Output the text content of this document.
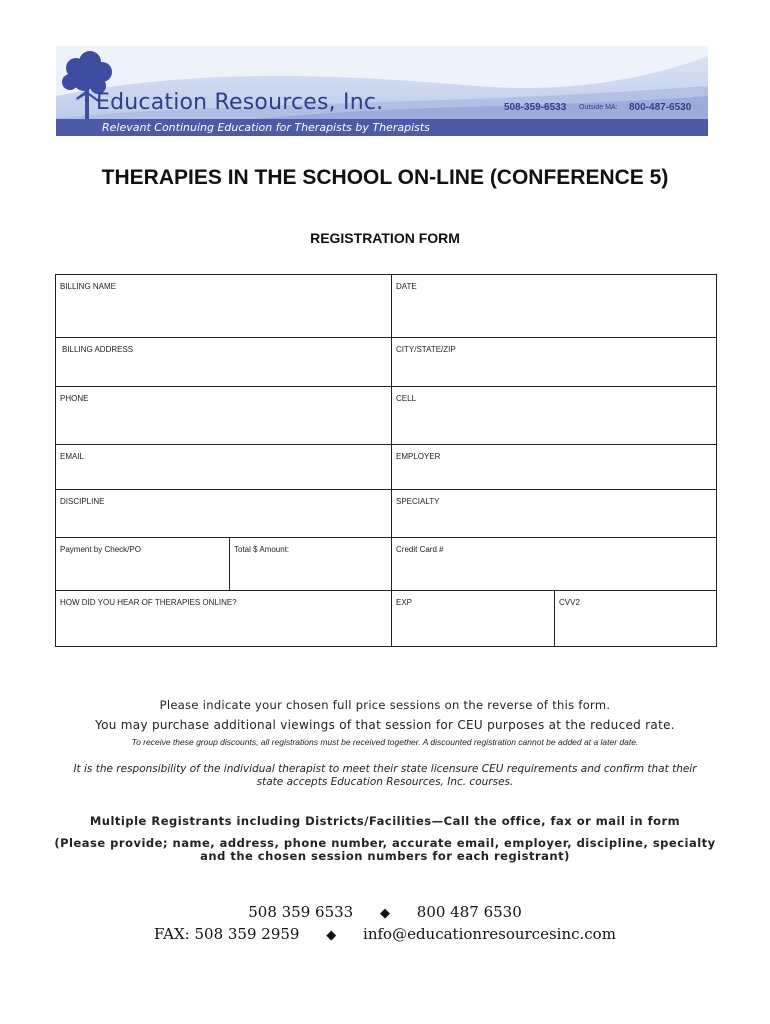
Education Resources, Inc.	508-359-6533 Outside MA: 800-487-6530
Relevant Continuing Education for Therapists by Therapists
THERAPIES IN THE SCHOOL ON-LINE (CONFERENCE 5)
REGISTRATION FORM
BILLING NAME	DATE
BILLING ADDRESS	CITY/STATE/ZIP
PHONE	CELL
EMAIL	EMPLOYER
DISCIPLINE	SPECIALTY
Payment by Check/PO	Total $ Amount:	Credit Card #
HOW DID YOU HEAR OF THERAPIES ONLINE?	EXP	CVV2
Please indicate your chosen full price sessions on the reverse of this form.
You may purchase additional viewings of that session for CEU purposes at the reduced rate.
To receive these group discounts, all registrations must be received together. A discounted registration cannot be added at a later date.
It is the responsibility of the individual therapist to meet their state licensure CEU requirements and confirm that their state accepts Education Resources, Inc. courses.
Multiple Registrants including Districts/Facilities—Call the office, fax or mail in form
(Please provide; name, address, phone number, accurate email, employer, discipline, specialty and the chosen session numbers for each registrant)
508 359 6533 ◆ 800 487 6530
FAX: 508 359 2959 ◆ info@educationresourcesinc.com
